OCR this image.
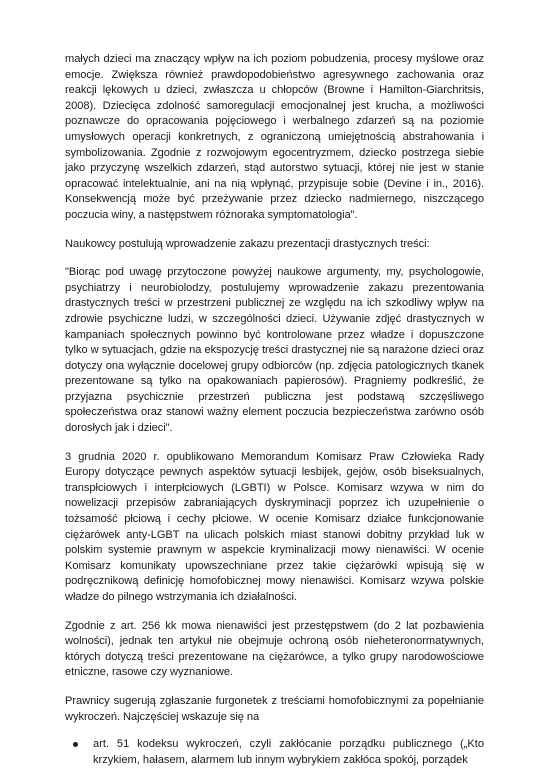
małych dzieci ma znaczący wpływ na ich poziom pobudzenia, procesy myślowe oraz emocje. Zwiększa również prawdopodobieństwo agresywnego zachowania oraz reakcji lękowych u dzieci, zwłaszcza u chłopców (Browne i Hamilton-Giarchritsis, 2008). Dziecięca zdolność samoregulacji emocjonalnej jest krucha, a możliwości poznawcze do opracowania pojęciowego i werbalnego zdarzeń są na poziomie umysłowych operacji konkretnych, z ograniczoną umiejętnością abstrahowania i symbolizowania. Zgodnie z rozwojowym egocentryzmem, dziecko postrzega siebie jako przyczynę wszelkich zdarzeń, stąd autorstwo sytuacji, której nie jest w stanie opracować intelektualnie, ani na nią wpłynąć, przypisuje sobie (Devine i in., 2016). Konsekwencją może być przeżywanie przez dziecko nadmiernego, niszczącego poczucia winy, a następstwem różnoraka symptomatologia".

Naukowcy postulują wprowadzenie zakazu prezentacji drastycznych treści:

"Biorąc pod uwagę przytoczone powyżej naukowe argumenty, my, psychologowie, psychiatrzy i neurobiolodzy, postulujemy wprowadzenie zakazu prezentowania drastycznych treści w przestrzeni publicznej ze względu na ich szkodliwy wpływ na zdrowie psychiczne ludzi, w szczególności dzieci. Używanie zdjęć drastycznych w kampaniach społecznych powinno być kontrolowane przez władze i dopuszczone tylko w sytuacjach, gdzie na ekspozycję treści drastycznej nie są narażone dzieci oraz dotyczy ona wyłącznie docelowej grupy odbiorców (np. zdjęcia patologicznych tkanek prezentowane są tylko na opakowaniach papierosów). Pragniemy podkreślić, że przyjazna psychicznie przestrzeń publiczna jest podstawą szczęśliwego społeczeństwa oraz stanowi ważny element poczucia bezpieczeństwa zarówno osób dorosłych jak i dzieci".

3 grudnia 2020 r. opublikowano Memorandum Komisarz Praw Człowieka Rady Europy dotyczące pewnych aspektów sytuacji lesbijek, gejów, osób biseksualnych, transpłciowych i interpłciowych (LGBTI) w Polsce. Komisarz wzywa w nim do nowelizacji przepisów zabraniających dyskryminacji poprzez ich uzupełnienie o tożsamość płciową i cechy płciowe. W ocenie Komisarz działce funkcjonowanie ciężarówek anty-LGBT na ulicach polskich miast stanowi dobitny przykład luk w polskim systemie prawnym w aspekcie kryminalizacji mowy nienawiści. W ocenie Komisarz komunikaty upowszechniane przez takie ciężarówki wpisują się w podręcznikową definicję homofobicznej mowy nienawiści. Komisarz wzywa polskie władze do pilnego wstrzymania ich działalności.

Zgodnie z art. 256 kk mowa nienawiści jest przestępstwem (do 2 lat pozbawienia wolności), jednak ten artykuł nie obejmuje ochroną osób nieheteronormatywnych, których dotyczą treści prezentowane na ciężarówce, a tylko grupy narodowościowe etniczne, rasowe czy wyznaniowe.

Prawnicy sugerują zgłaszanie furgonetek z treściami homofobicznymi za popełnianie wykroczeń. Najczęściej wskazuje się na

art. 51 kodeksu wykroczeń, czyli zakłócanie porządku publicznego („Kto krzykiem, hałasem, alarmem lub innym wybrykiem zakłóca spokój, porządek
